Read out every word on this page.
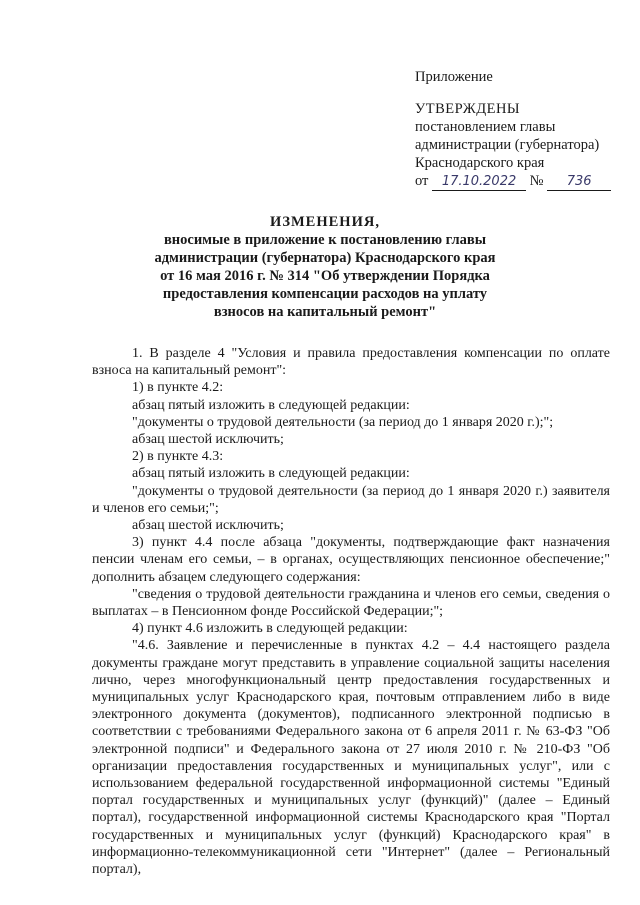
Приложение
УТВЕРЖДЕНЫ
постановлением главы
администрации (губернатора)
Краснодарского края
от 17.10.2022 № 736
ИЗМЕНЕНИЯ,
вносимые в приложение к постановлению главы
администрации (губернатора) Краснодарского края
от 16 мая 2016 г. № 314 "Об утверждении Порядка
предоставления компенсации расходов на уплату
взносов на капитальный ремонт"

1. В разделе 4 "Условия и правила предоставления компенсации по оплате взноса на капитальный ремонт":

1) в пункте 4.2:

абзац пятый изложить в следующей редакции:

"документы о трудовой деятельности (за период до 1 января 2020 г.);";

абзац шестой исключить;

2) в пункте 4.3:

абзац пятый изложить в следующей редакции:

"документы о трудовой деятельности (за период до 1 января 2020 г.) заявителя и членов его семьи;";

абзац шестой исключить;

3) пункт 4.4 после абзаца "документы, подтверждающие факт назначения пенсии членам его семьи, – в органах, осуществляющих пенсионное обеспечение;" дополнить абзацем следующего содержания:

"сведения о трудовой деятельности гражданина и членов его семьи, сведения о выплатах – в Пенсионном фонде Российской Федерации;";

4) пункт 4.6 изложить в следующей редакции:

"4.6. Заявление и перечисленные в пунктах 4.2 – 4.4 настоящего раздела документы граждане могут представить в управление социальной защиты населения лично, через многофункциональный центр предоставления государственных и муниципальных услуг Краснодарского края, почтовым отправлением либо в виде электронного документа (документов), подписанного электронной подписью в соответствии с требованиями Федерального закона от 6 апреля 2011 г. № 63-ФЗ "Об электронной подписи" и Федерального закона от 27 июля 2010 г. № 210-ФЗ "Об организации предоставления государственных и муниципальных услуг", или с использованием федеральной государственной информационной системы "Единый портал государственных и муниципальных услуг (функций)" (далее – Единый портал), государственной информационной системы Краснодарского края "Портал государственных и муниципальных услуг (функций) Краснодарского края" в информационно-телекоммуникационной сети "Интернет" (далее – Региональный портал),
